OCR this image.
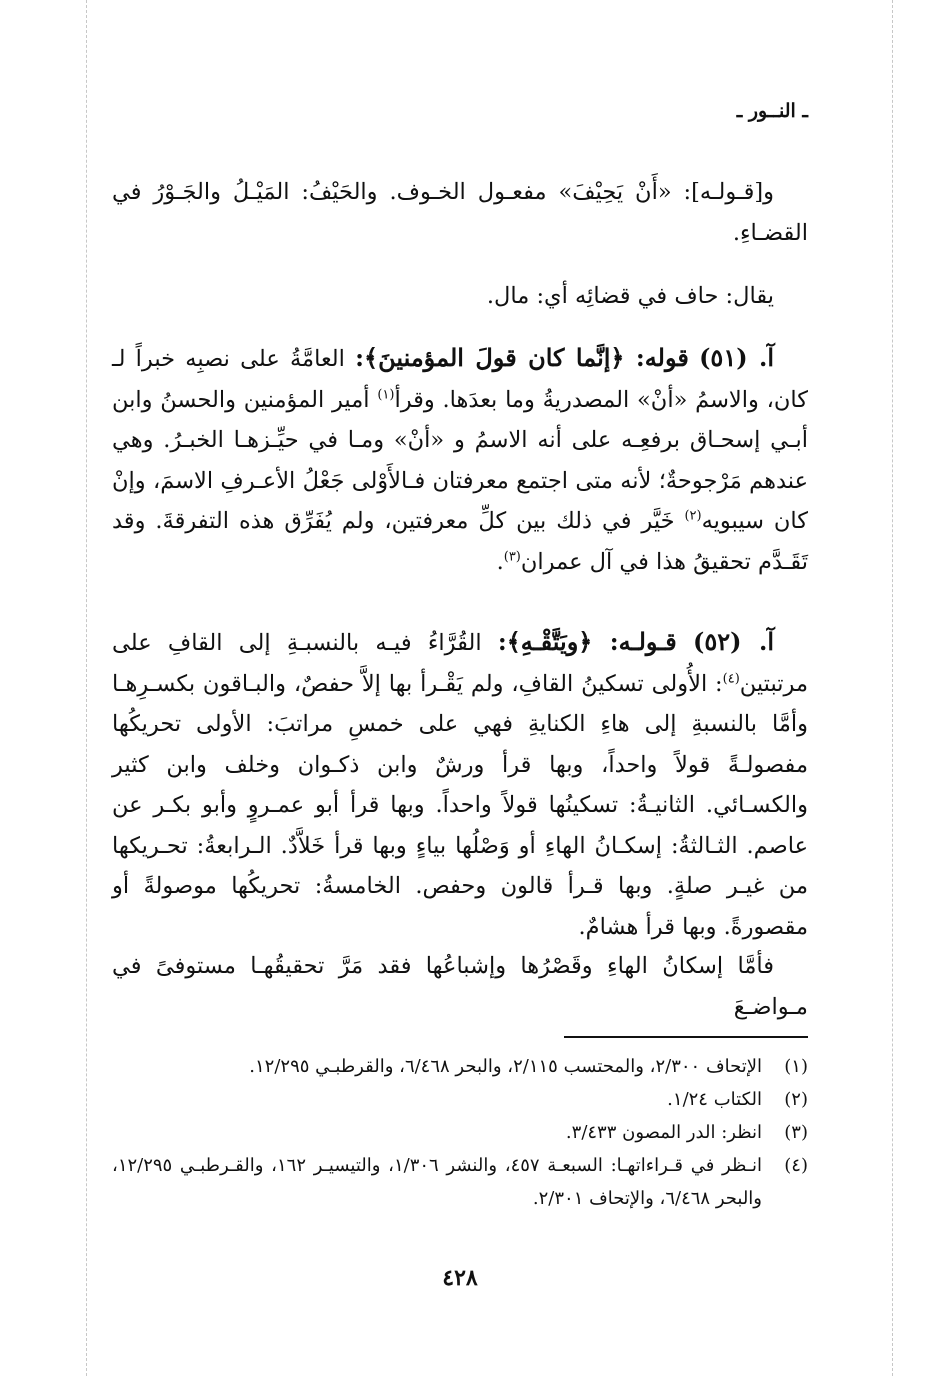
ـ النــور ـ

و[قـولـه]: «أَنْ يَحِيْفَ» مفعـول الخـوف. والحَيْفُ: المَيْـلُ والجَـوْرُ في القضـاءِ.

يقال: حاف في قضائِه أي: مال.

آ. (٥١) قوله: ﴿إنَّما كان قولَ المؤمنينَ﴾: العامَّةُ على نصبِه خبراً لـ كان، والاسمُ «أنْ» المصدريةُ وما بعدَها. وقرأ$^{(١)}$ أمير المؤمنين والحسنُ وابن أبـي إسحـاق برفعِـه على أنه الاسمُ و «أنْ» ومـا في حيِّـزهـا الخبـرُ. وهي عندهم مَرْجوحةٌ؛ لأنه متى اجتمع معرفتان فـالأَوْلى جَعْلُ الأعـرفِ الاسمَ، وإنْ كان سيبويه$^{(٢)}$ خَيَّر في ذلك بين كلِّ معرفتين، ولم يُفَرِّق هذه التفرقةَ. وقد تَقَـدَّم تحقيقُ هذا في آل عمران$^{(٣)}$.

آ. (٥٢) قـولـه: ﴿ويَتَّقْـهِ﴾: القُرَّاءُ فيـه بالنسبـةِ إلى القافِ على مرتبتين$^{(٤)}$: الأُولى تسكينُ القافِ، ولم يَقْـرأ بها إلاَّ حفصٌ، والبـاقون بكسـرِهـا وأمَّا بالنسبةِ إلى هاءِ الكنايةِ فهي على خمسِ مراتبَ: الأولى تحريكُها مفصولـةً قولاً واحداً، وبها قرأ ورشٌ وابن ذكـوان وخلف وابن كثير والكسـائي. الثانيـةُ: تسكينُها قولاً واحداً. وبها قرأ أبو عمـروٍ وأبو بكـر عن عاصم. الثـالثةُ: إسكـانُ الهاءِ أو وَصْلُها بياءٍ وبها قرأ خَلاَّدٌ. الـرابعةُ: تحـريكها من غيـر صلةٍ. وبها قـرأ قالون وحفص. الخامسةُ: تحريكُها موصولةً أو مقصورةً. وبها قرأ هشامٌ.

فأمَّا إسكانُ الهاءِ وقَصْرُها وإشباعُها فقد مَرَّ تحقيقُهـا مستوفىً في مـواضـعَ

(١)
الإتحاف ٢/٣٠٠، والمحتسب ٢/١١٥، والبحر ٦/٤٦٨، والقرطبـي ١٢/٢٩٥.
(٢)
الكتاب ١/٢٤.
(٣)
انظر: الدر المصون ٣/٤٣٣.
(٤)
انـظر في قـراءاتهـا: السبعـة ٤٥٧، والنشر ١/٣٠٦، والتيسيـر ١٦٢، والقـرطبـي ١٢/٢٩٥، والبحر ٦/٤٦٨، والإتحاف ٢/٣٠١.
٤٢٨
